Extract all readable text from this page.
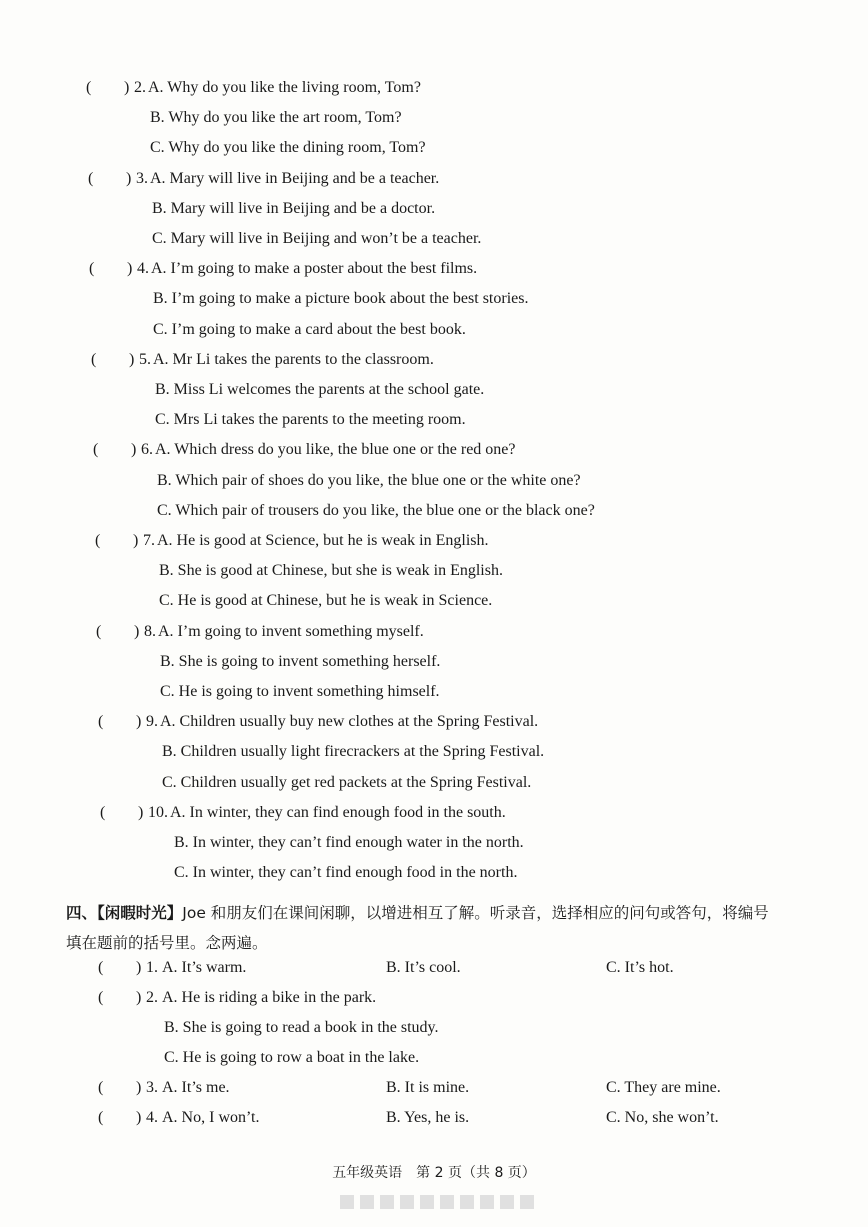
( ) 2. A. Why do you like the living room, Tom?
B. Why do you like the art room, Tom?
C. Why do you like the dining room, Tom?
( ) 3. A. Mary will live in Beijing and be a teacher.
B. Mary will live in Beijing and be a doctor.
C. Mary will live in Beijing and won’t be a teacher.
( ) 4. A. I’m going to make a poster about the best films.
B. I’m going to make a picture book about the best stories.
C. I’m going to make a card about the best book.
( ) 5. A. Mr Li takes the parents to the classroom.
B. Miss Li welcomes the parents at the school gate.
C. Mrs Li takes the parents to the meeting room.
( ) 6. A. Which dress do you like, the blue one or the red one?
B. Which pair of shoes do you like, the blue one or the white one?
C. Which pair of trousers do you like, the blue one or the black one?
( ) 7. A. He is good at Science, but he is weak in English.
B. She is good at Chinese, but she is weak in English.
C. He is good at Chinese, but he is weak in Science.
( ) 8. A. I’m going to invent something myself.
B. She is going to invent something herself.
C. He is going to invent something himself.
( ) 9. A. Children usually buy new clothes at the Spring Festival.
B. Children usually light firecrackers at the Spring Festival.
C. Children usually get red packets at the Spring Festival.
( ) 10. A. In winter, they can find enough food in the south.
B. In winter, they can’t find enough water in the north.
C. In winter, they can’t find enough food in the north.
( ) 1. A. It’s warm.	B. It’s cool.	C. It’s hot.
( ) 2. A. He is riding a bike in the park.
B. She is going to read a book in the study.
C. He is going to row a boat in the lake.
( ) 3. A. It’s me.	B. It is mine.	C. They are mine.
( ) 4. A. No, I won’t.	B. Yes, he is.	C. No, she won’t.
四、【闲暇时光】Joe 和朋友们在课间闲聊，以增进相互了解。听录音，选择相应的问句或答句，将编号
填在题前的括号里。念两遍。
五年级英语　第 2 页（共 8 页）
